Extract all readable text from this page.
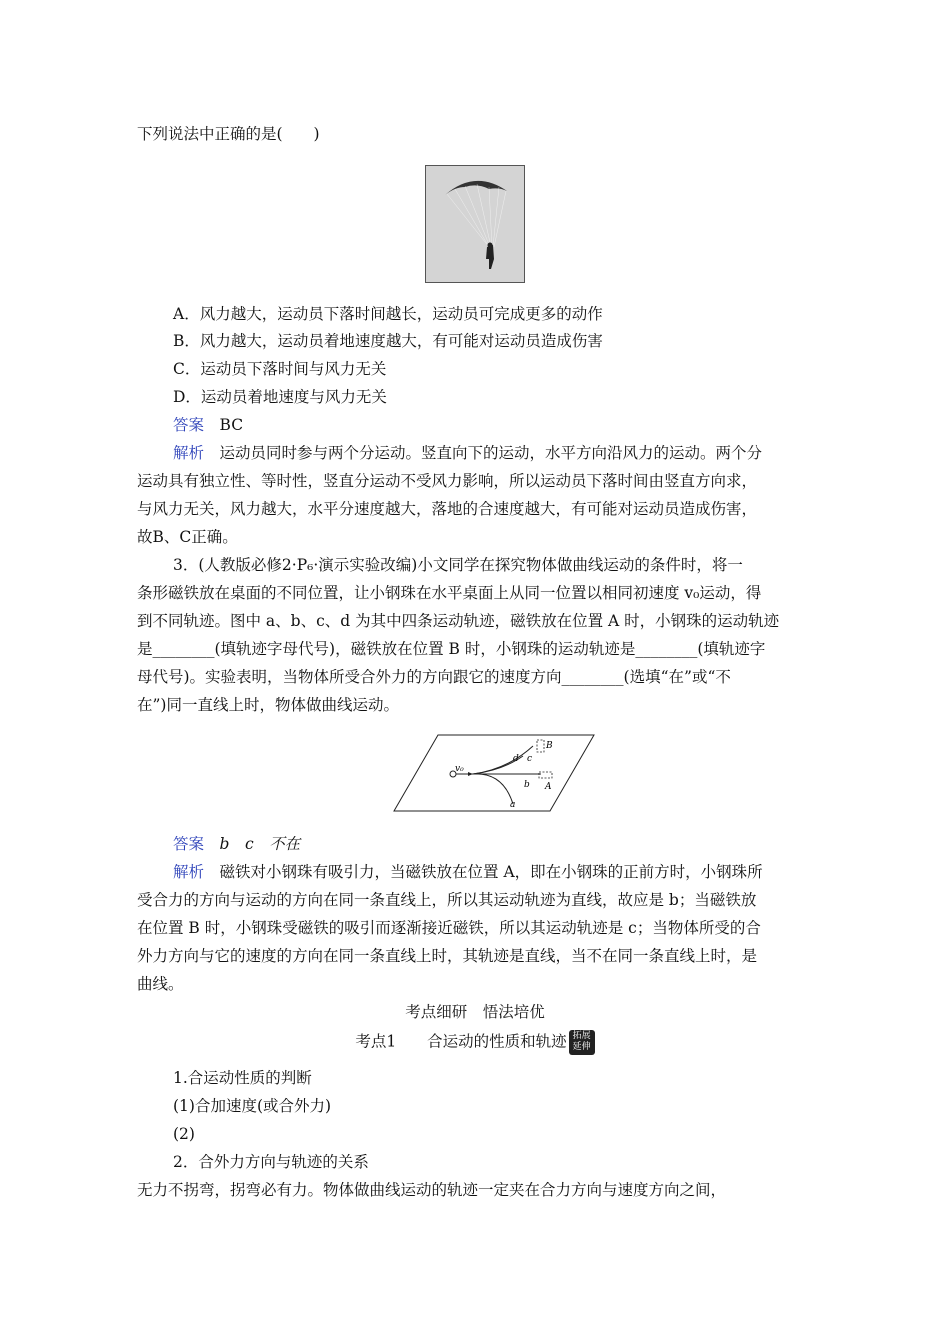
下列说法中正确的是(　　)
A．风力越大，运动员下落时间越长，运动员可完成更多的动作
B．风力越大，运动员着地速度越大，有可能对运动员造成伤害
C．运动员下落时间与风力无关
D．运动员着地速度与风力无关
答案　 BC
解析　 运动员同时参与两个分运动。竖直向下的运动，水平方向沿风力的运动。两个分
运动具有独立性、等时性，竖直分运动不受风力影响，所以运动员下落时间由竖直方向求，
与风力无关，风力越大，水平分速度越大，落地的合速度越大，有可能对运动员造成伤害，
故B、C正确。
3．(人教版必修2·P₆·演示实验改编)小文同学在探究物体做曲线运动的条件时，将一
条形磁铁放在桌面的不同位置，让小钢珠在水平桌面上从同一位置以相同初速度 v₀运动，得
到不同轨迹。图中 a、b、c、d 为其中四条运动轨迹，磁铁放在位置 A 时，小钢珠的运动轨迹
是________(填轨迹字母代号)，磁铁放在位置 B 时，小钢珠的运动轨迹是________(填轨迹字
母代号)。实验表明，当物体所受合外力的方向跟它的速度方向________(选填“在”或“不
在”)同一直线上时，物体做曲线运动。
v₀
a
b
c
d
A
B
答案　 b　c　不在
解析　 磁铁对小钢珠有吸引力，当磁铁放在位置 A，即在小钢珠的正前方时，小钢珠所
受合力的方向与运动的方向在同一条直线上，所以其运动轨迹为直线，故应是 b；当磁铁放
在位置 B 时，小钢珠受磁铁的吸引而逐渐接近磁铁，所以其运动轨迹是 c；当物体所受的合
外力方向与它的速度的方向在同一条直线上时，其轨迹是直线，当不在同一条直线上时，是
曲线。
考点细研　悟法培优
考点1　　合运动的性质和轨迹 拓展
延伸
1.合运动性质的判断
(1)合加速度(或合外力)
(2)
2．合外力方向与轨迹的关系
无力不拐弯，拐弯必有力。物体做曲线运动的轨迹一定夹在合力方向与速度方向之间，
